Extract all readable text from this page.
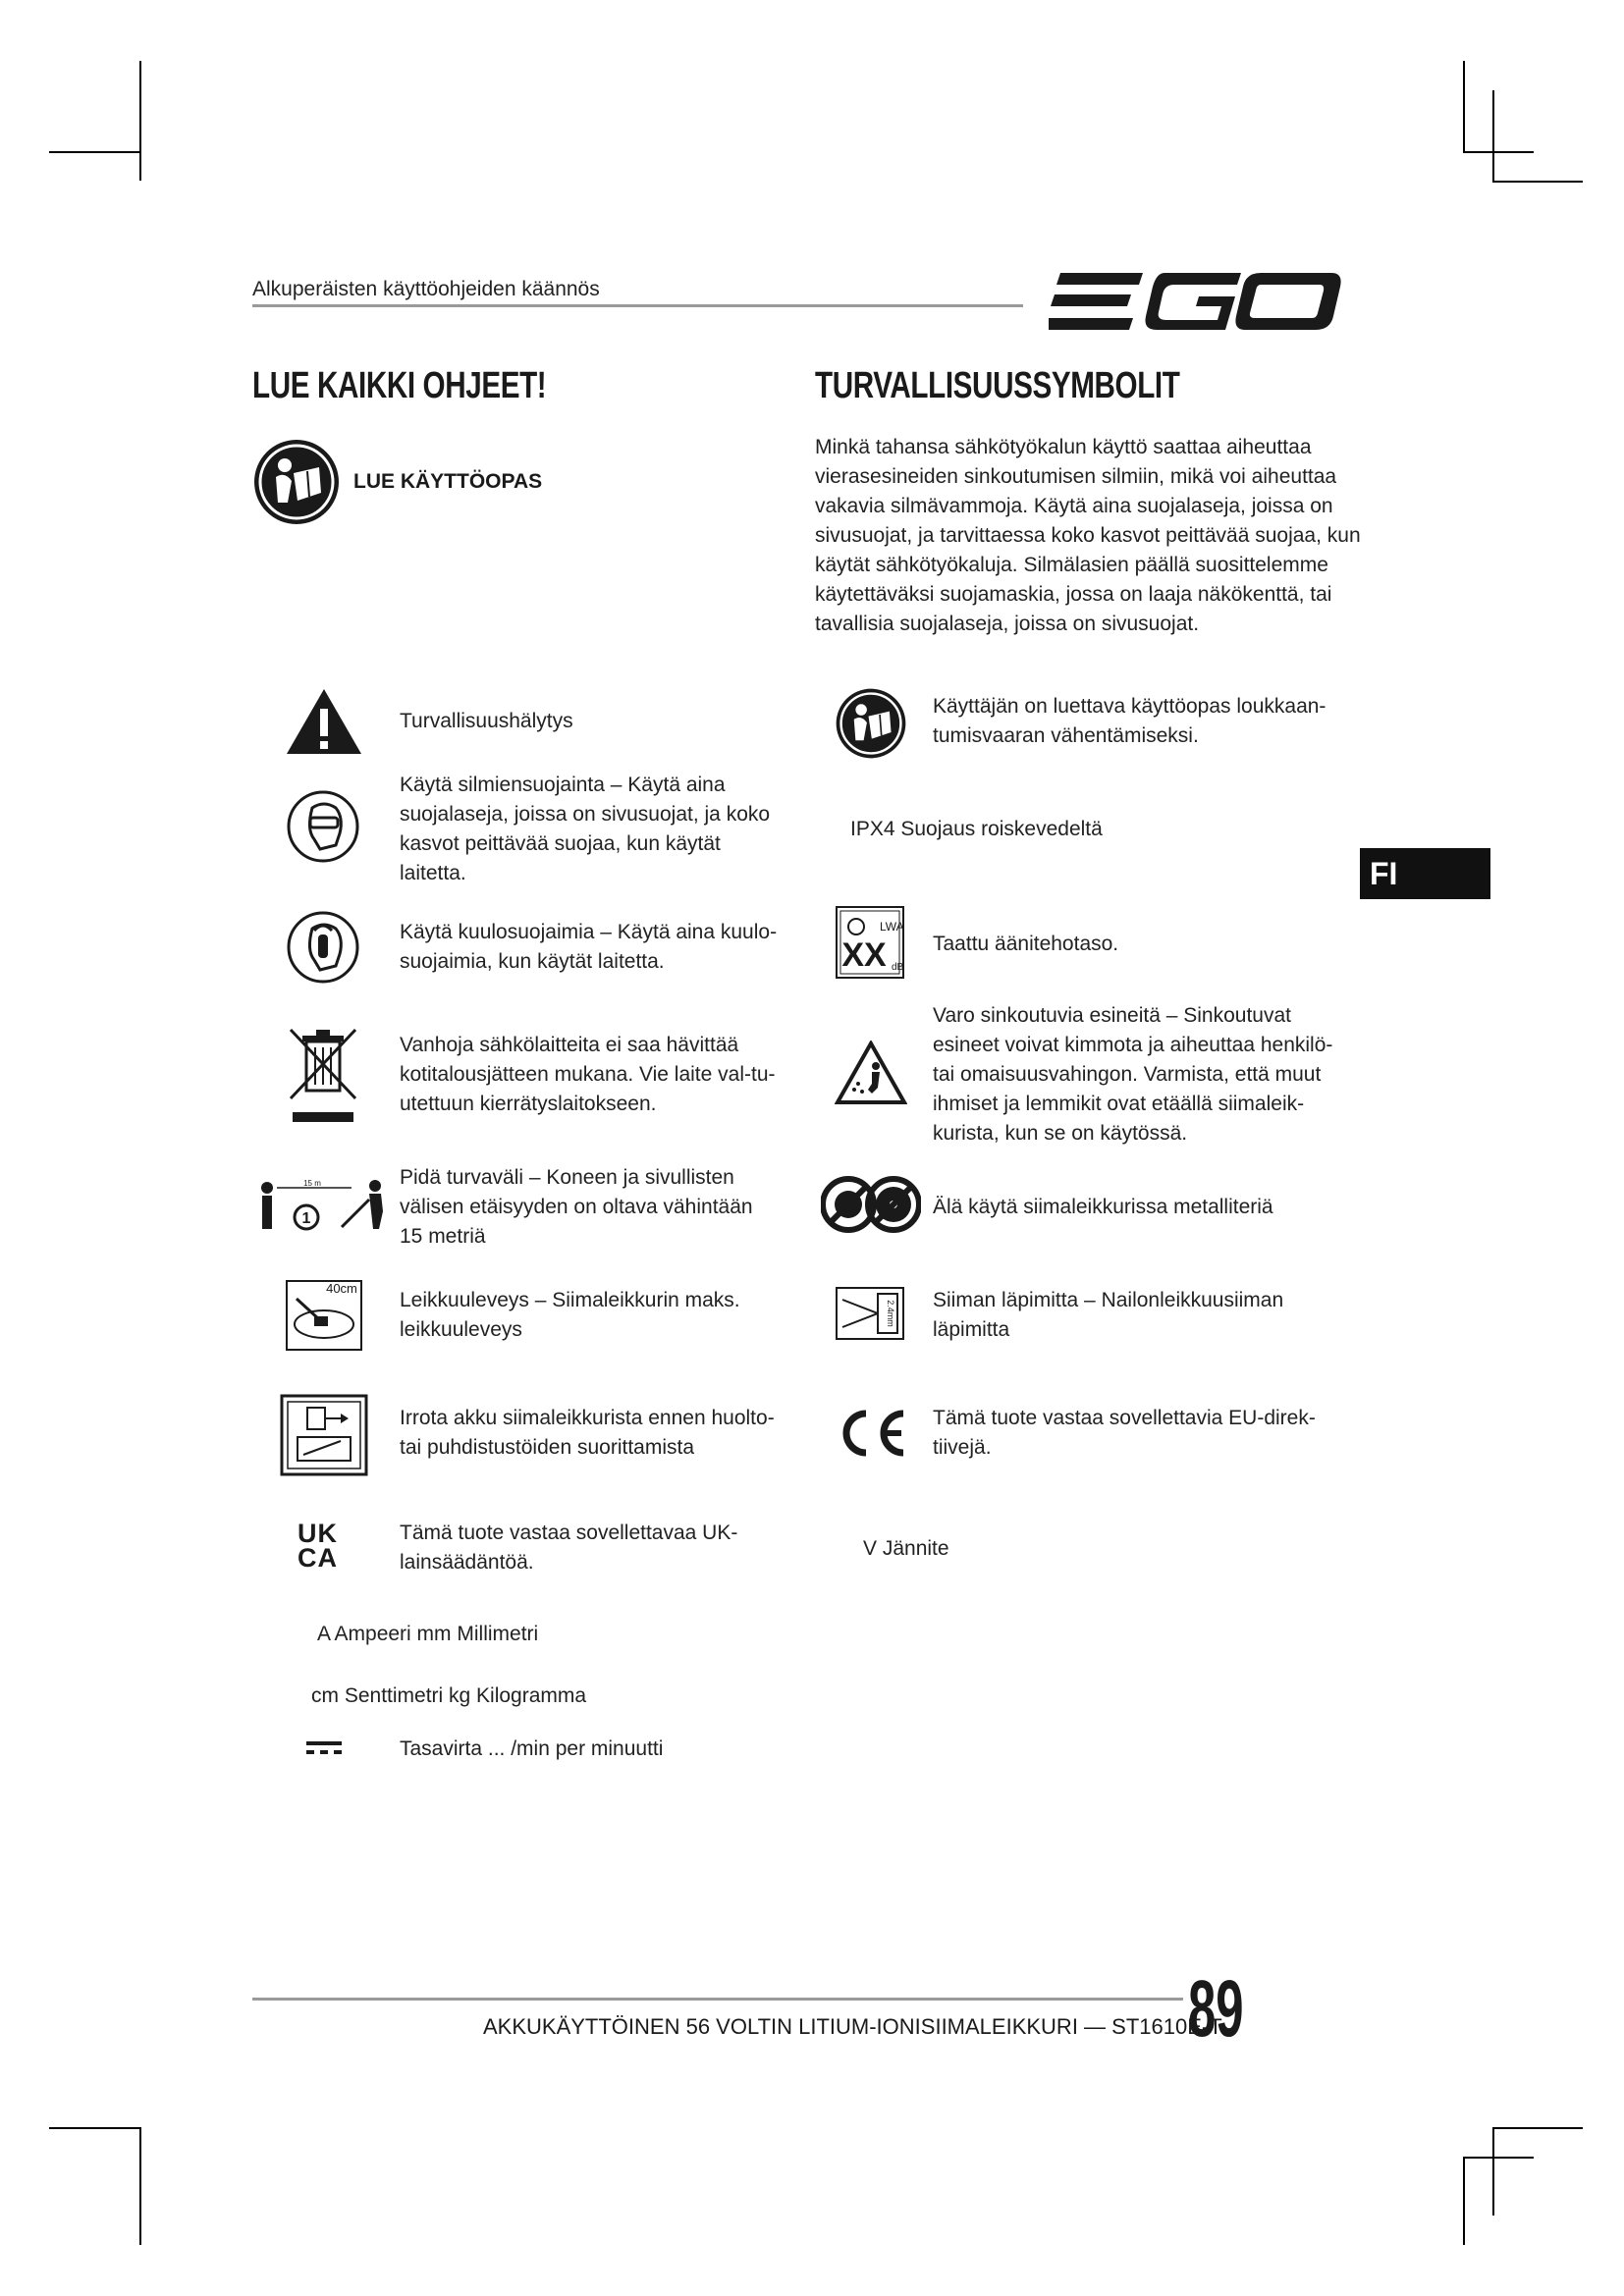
Alkuperäisten käyttöohjeiden käännös
LUE KAIKKI OHJEET!
LUE KÄYTTÖOPAS
TURVALLISUUSSYMBOLIT
Minkä tahansa sähkötyökalun käyttö saattaa aiheuttaa
vierasesineiden sinkoutumisen silmiin, mikä voi aiheuttaa
vakavia silmävammoja. Käytä aina suojalaseja, joissa on
sivusuojat, ja tarvittaessa koko kasvot peittävää suojaa, kun
käytät sähkötyökaluja. Silmälasien päällä suosittelemme
käytettäväksi suojamaskia, jossa on laaja näkökenttä, tai
tavallisia suojalaseja, joissa on sivusuojat.
Turvallisuushälytys
Käytä silmiensuojainta – Käytä aina
suojalaseja, joissa on sivusuojat, ja koko
kasvot peittävää suojaa, kun käytät
laitetta.
Käytä kuulosuojaimia – Käytä aina kuulo-
suojaimia, kun käytät laitetta.
Vanhoja sähkölaitteita ei saa hävittää
kotitalousjätteen mukana. Vie laite val-tu-
utettuun kierrätyslaitokseen.
15 m
1
Pidä turvaväli – Koneen ja sivullisten
välisen etäisyyden on oltava vähintään
15 metriä
40cm
Leikkuuleveys – Siimaleikkurin maks.
leikkuuleveys
Irrota akku siimaleikkurista ennen huolto-
tai puhdistustöiden suorittamista
UK
CA
Tämä tuote vastaa sovellettavaa UK-
lainsäädäntöä.
Käyttäjän on luettava käyttöopas loukkaan-
tumisvaaran vähentämiseksi.
IPX4 Suojaus roiskevedeltä
LWA
XX dB
Taattu äänitehotaso.
Varo sinkoutuvia esineitä – Sinkoutuvat
esineet voivat kimmota ja aiheuttaa henkilö-
tai omaisuusvahingon. Varmista, että muut
ihmiset ja lemmikit ovat etäällä siimaleik-
kurista, kun se on käytössä.
Älä käytä siimaleikkurissa metalliteriä
2.4mm Siiman läpimitta – Nailonleikkuusiiman
läpimitta
Tämä tuote vastaa sovellettavia EU-direk-
tiivejä.
V Jännite
A Ampeeri mm Millimetri
cm Senttimetri kg Kilogramma
Tasavirta ... /min per minuutti
FI
AKKUKÄYTTÖINEN 56 VOLTIN LITIUM-IONISIIMALEIKKURI — ST1610E-T
89
